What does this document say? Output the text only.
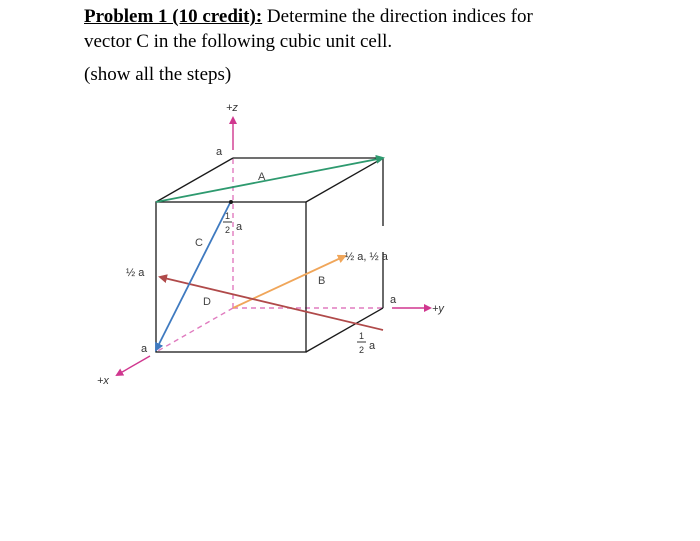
Problem 1 (10 credit): Determine the direction indices for
vector C in the following cubic unit cell.
(show all the steps)
+z
+y
+x
a
a
a
½ a
½ a, ½ a
1
2 a
1
2 a
A
B
C
D
